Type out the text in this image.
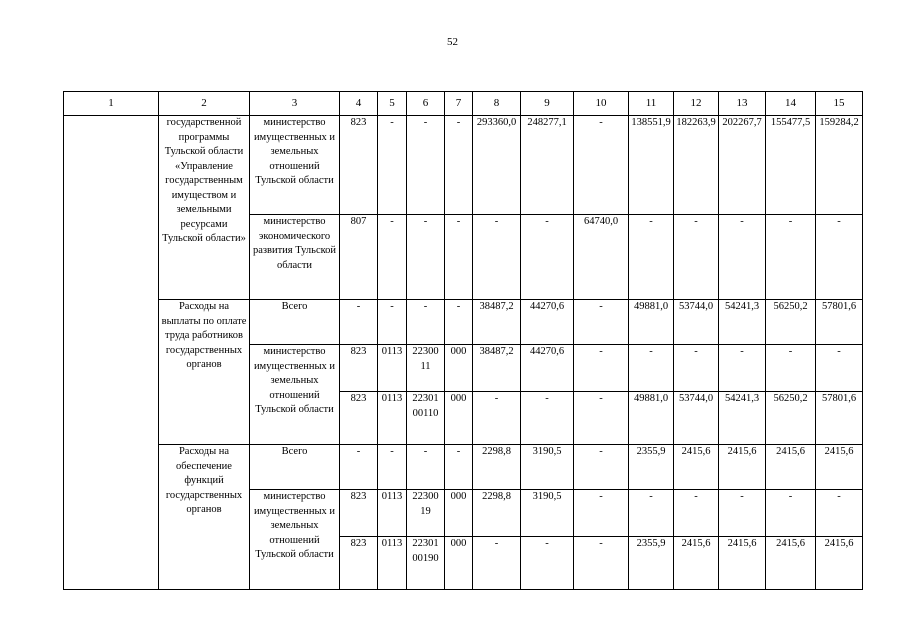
52
1	2	3	4	5	6	7	8	9	10	11	12	13	14	15
	государственной программы Тульской области «Управление государственным имуществом и земельными ресурсами Тульской области»	министерство имущественных и земельных отношений Тульской области	823	-	-	-	293360,0	248277,1	-	138551,9	182263,9	202267,7	155477,5	159284,2
		министерство экономического развития Тульской области	807	-	-	-	-	-	64740,0	-	-	-	-	-
	Расходы на выплаты по оплате труда работников государственных органов	Всего	-	-	-	-	38487,2	44270,6	-	49881,0	53744,0	54241,3	56250,2	57801,6
		министерство имущественных и земельных отношений Тульской области	823	0113	22300 11	000	38487,2	44270,6	-	-	-	-	-	-
			823	0113	22301 00110	000	-	-	-	49881,0	53744,0	54241,3	56250,2	57801,6
	Расходы на обеспечение функций государственных органов	Всего	-	-	-	-	2298,8	3190,5	-	2355,9	2415,6	2415,6	2415,6	2415,6
		министерство имущественных и земельных отношений Тульской области	823	0113	22300 19	000	2298,8	3190,5	-	-	-	-	-	-
			823	0113	22301 00190	000	-	-	-	2355,9	2415,6	2415,6	2415,6	2415,6
